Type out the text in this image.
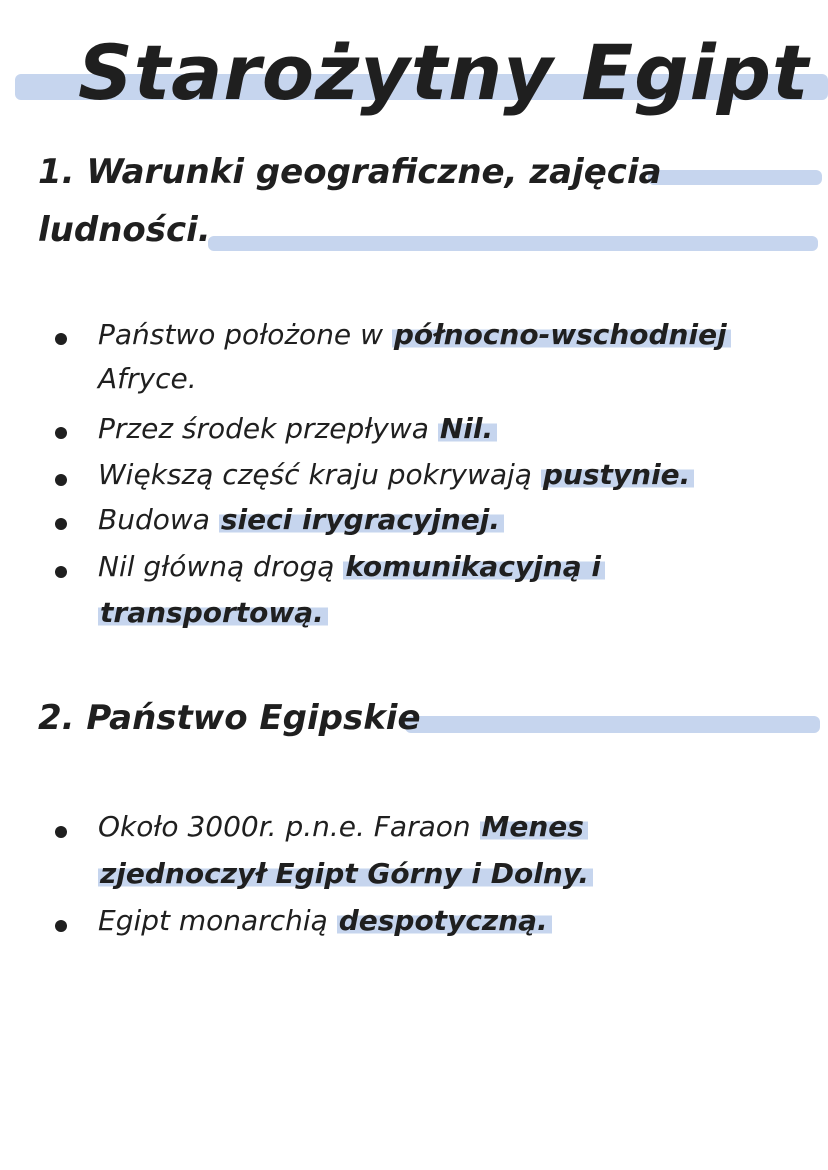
Starożytny Egipt
1. Warunki geograficzne, zajęcia
ludności.
Państwo położone w północno-wschodniej
Afryce.
Przez środek przepływa Nil.
Większą część kraju pokrywają pustynie.
Budowa sieci irygracyjnej.
Nil główną drogą komunikacyjną i
transportową.
2. Państwo Egipskie
Około 3000r. p.n.e. Faraon Menes
zjednoczył Egipt Górny i Dolny.
Egipt monarchią despotyczną.
